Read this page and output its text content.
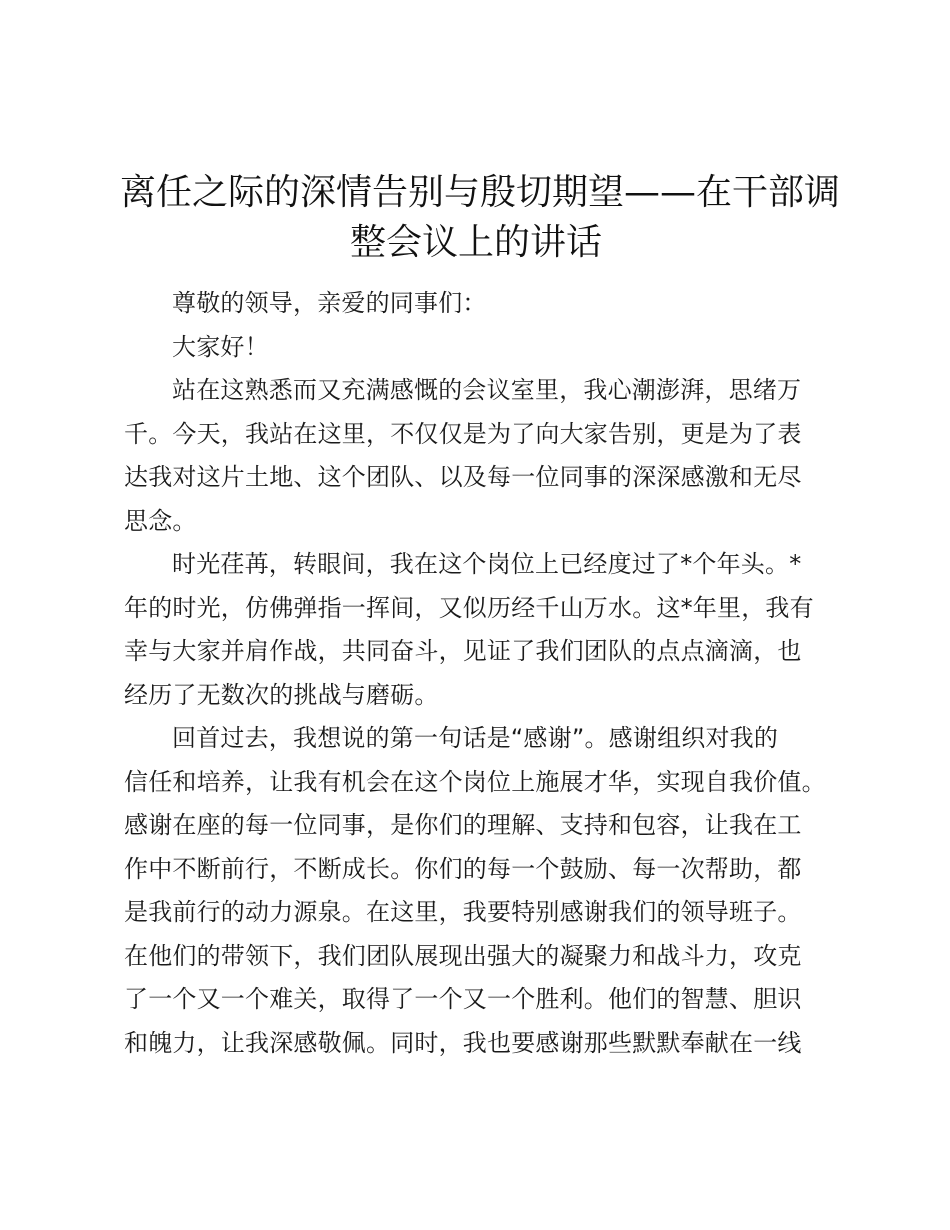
离任之际的深情告别与殷切期望——在干部调
整会议上的讲话
尊敬的领导，亲爱的同事们：
大家好！
站在这熟悉而又充满感慨的会议室里，我心潮澎湃，思绪万
千。今天，我站在这里，不仅仅是为了向大家告别，更是为了表
达我对这片土地、这个团队、以及每一位同事的深深感激和无尽
思念。
时光荏苒，转眼间，我在这个岗位上已经度过了*个年头。*
年的时光，仿佛弹指一挥间，又似历经千山万水。这*年里，我有
幸与大家并肩作战，共同奋斗，见证了我们团队的点点滴滴，也
经历了无数次的挑战与磨砺。
回首过去，我想说的第一句话是“感谢”。感谢组织对我的
信任和培养，让我有机会在这个岗位上施展才华，实现自我价值。
感谢在座的每一位同事，是你们的理解、支持和包容，让我在工
作中不断前行，不断成长。你们的每一个鼓励、每一次帮助，都
是我前行的动力源泉。在这里，我要特别感谢我们的领导班子。
在他们的带领下，我们团队展现出强大的凝聚力和战斗力，攻克
了一个又一个难关，取得了一个又一个胜利。他们的智慧、胆识
和魄力，让我深感敬佩。同时，我也要感谢那些默默奉献在一线
